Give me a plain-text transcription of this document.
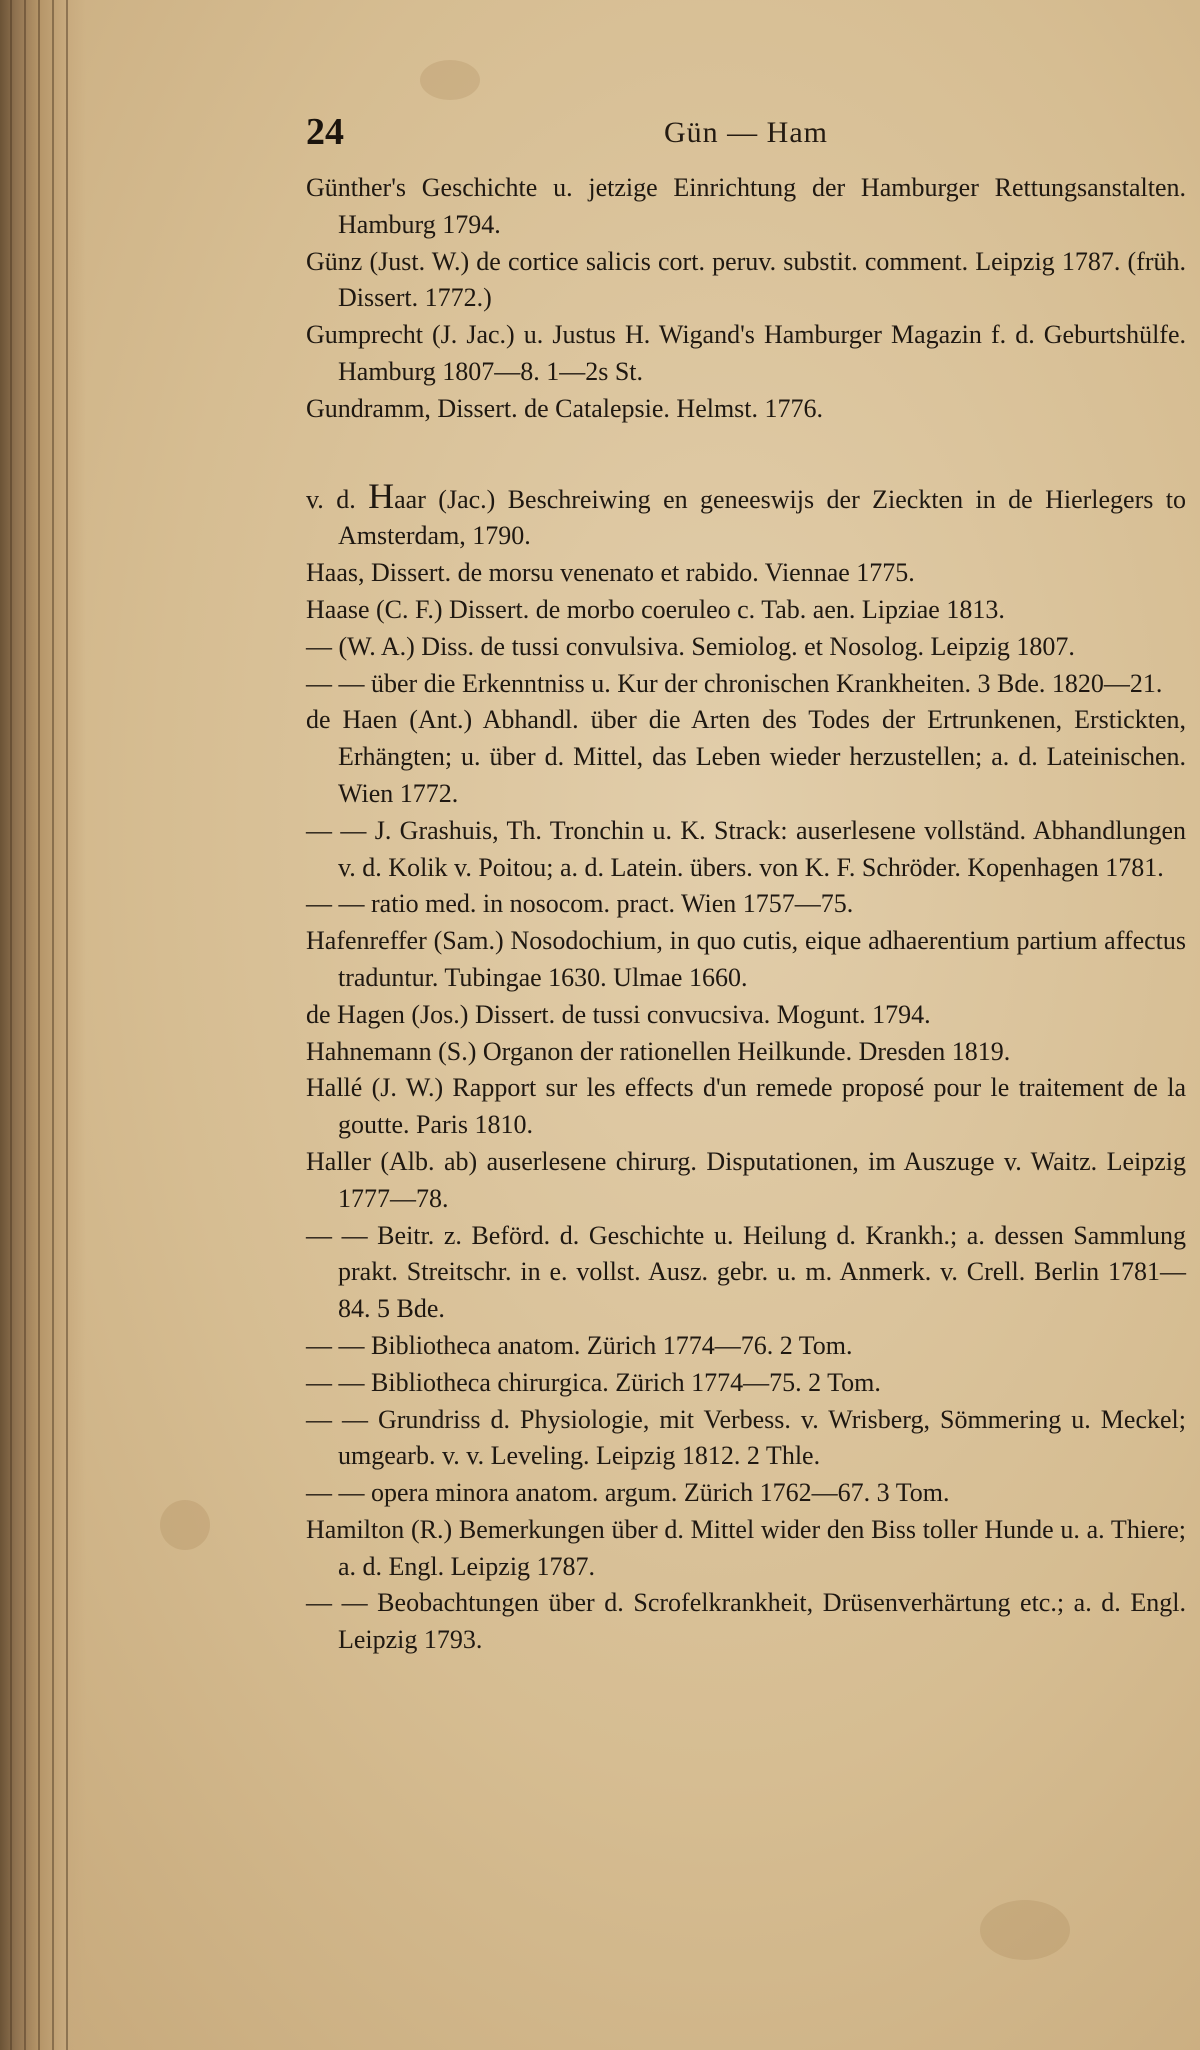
24	Gün — Ham

Günther's Geschichte u. jetzige Einrichtung der Hamburger Rettungsanstalten. Hamburg 1794.

Günz (Just. W.) de cortice salicis cort. peruv. substit. comment. Leipzig 1787. (früh. Dissert. 1772.)

Gumprecht (J. Jac.) u. Justus H. Wigand's Hamburger Magazin f. d. Geburtshülfe. Hamburg 1807—8. 1—2s St.

Gundramm, Dissert. de Catalepsie. Helmst. 1776.

v. d. Haar (Jac.) Beschreiwing en geneeswijs der Zieckten in de Hierlegers to Amsterdam, 1790.

Haas, Dissert. de morsu venenato et rabido. Viennae 1775.

Haase (C. F.) Dissert. de morbo coeruleo c. Tab. aen. Lipziae 1813.

— (W. A.) Diss. de tussi convulsiva. Semiolog. et Nosolog. Leipzig 1807.

— — über die Erkenntniss u. Kur der chronischen Krankheiten. 3 Bde. 1820—21.

de Haen (Ant.) Abhandl. über die Arten des Todes der Ertrunkenen, Erstickten, Erhängten; u. über d. Mittel, das Leben wieder herzustellen; a. d. Lateinischen. Wien 1772.

— — J. Grashuis, Th. Tronchin u. K. Strack: auserlesene vollständ. Abhandlungen v. d. Kolik v. Poitou; a. d. Latein. übers. von K. F. Schröder. Kopenhagen 1781.

— — ratio med. in nosocom. pract. Wien 1757—75.

Hafenreffer (Sam.) Nosodochium, in quo cutis, eique adhaerentium partium affectus traduntur. Tubingae 1630. Ulmae 1660.

de Hagen (Jos.) Dissert. de tussi convucsiva. Mogunt. 1794.

Hahnemann (S.) Organon der rationellen Heilkunde. Dresden 1819.

Hallé (J. W.) Rapport sur les effects d'un remede proposé pour le traitement de la goutte. Paris 1810.

Haller (Alb. ab) auserlesene chirurg. Disputationen, im Auszuge v. Waitz. Leipzig 1777—78.

— — Beitr. z. Beförd. d. Geschichte u. Heilung d. Krankh.; a. dessen Sammlung prakt. Streitschr. in e. vollst. Ausz. gebr. u. m. Anmerk. v. Crell. Berlin 1781—84. 5 Bde.

— — Bibliotheca anatom. Zürich 1774—76. 2 Tom.

— — Bibliotheca chirurgica. Zürich 1774—75. 2 Tom.

— — Grundriss d. Physiologie, mit Verbess. v. Wrisberg, Sömmering u. Meckel; umgearb. v. v. Leveling. Leipzig 1812. 2 Thle.

— — opera minora anatom. argum. Zürich 1762—67. 3 Tom.

Hamilton (R.) Bemerkungen über d. Mittel wider den Biss toller Hunde u. a. Thiere; a. d. Engl. Leipzig 1787.

— — Beobachtungen über d. Scrofelkrankheit, Drüsenverhärtung etc.; a. d. Engl. Leipzig 1793.
